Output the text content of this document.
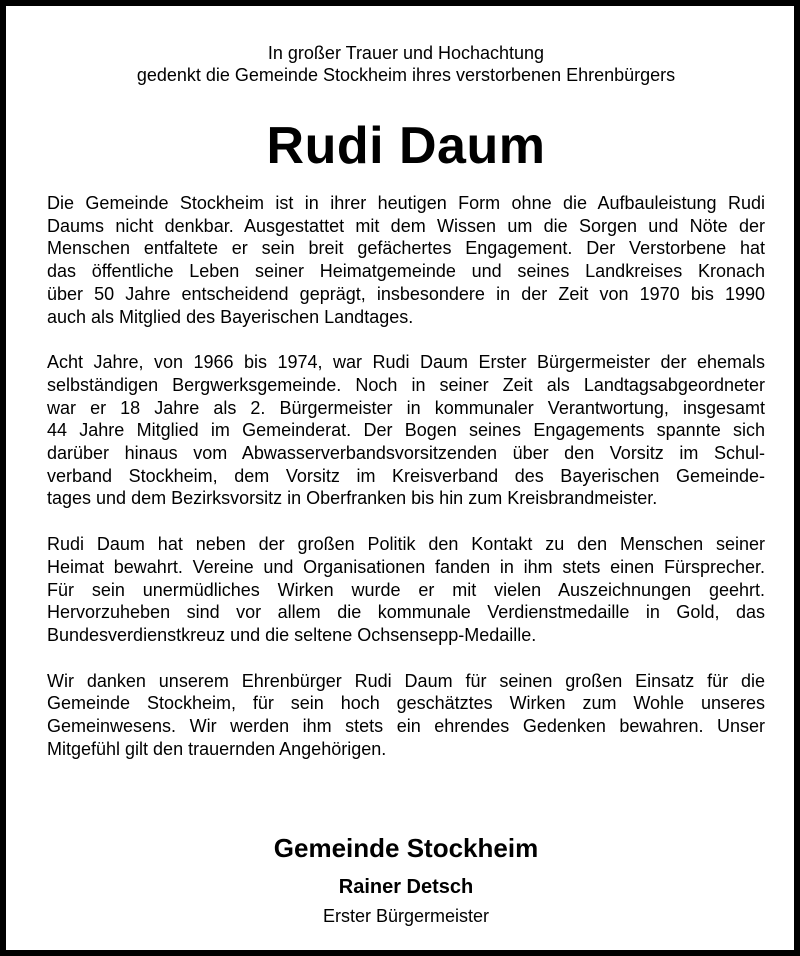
In großer Trauer und Hochachtung
gedenkt die Gemeinde Stockheim ihres verstorbenen Ehrenbürgers
Rudi Daum
Die Gemeinde Stockheim ist in ihrer heutigen Form ohne die Aufbauleistung Rudi
Daums nicht denkbar. Ausgestattet mit dem Wissen um die Sorgen und Nöte der
Menschen entfaltete er sein breit gefächertes Engagement. Der Verstorbene hat
das öffentliche Leben seiner Heimatgemeinde und seines Landkreises Kronach
über 50 Jahre entscheidend geprägt, insbesondere in der Zeit von 1970 bis 1990
auch als Mitglied des Bayerischen Landtages.
Acht Jahre, von 1966 bis 1974, war Rudi Daum Erster Bürgermeister der ehemals
selbständigen Bergwerksgemeinde. Noch in seiner Zeit als Landtagsabgeordneter
war er 18 Jahre als 2. Bürgermeister in kommunaler Verantwortung, insgesamt
44 Jahre Mitglied im Gemeinderat. Der Bogen seines Engagements spannte sich
darüber hinaus vom Abwasserverbandsvorsitzenden über den Vorsitz im Schul-
verband Stockheim, dem Vorsitz im Kreisverband des Bayerischen Gemeinde-
tages und dem Bezirksvorsitz in Oberfranken bis hin zum Kreisbrandmeister.
Rudi Daum hat neben der großen Politik den Kontakt zu den Menschen seiner
Heimat bewahrt. Vereine und Organisationen fanden in ihm stets einen Fürsprecher.
Für sein unermüdliches Wirken wurde er mit vielen Auszeichnungen geehrt.
Hervorzuheben sind vor allem die kommunale Verdienstmedaille in Gold, das
Bundesverdienstkreuz und die seltene Ochsensepp-Medaille.
Wir danken unserem Ehrenbürger Rudi Daum für seinen großen Einsatz für die
Gemeinde Stockheim, für sein hoch geschätztes Wirken zum Wohle unseres
Gemeinwesens. Wir werden ihm stets ein ehrendes Gedenken bewahren. Unser
Mitgefühl gilt den trauernden Angehörigen.
Gemeinde Stockheim
Rainer Detsch
Erster Bürgermeister
